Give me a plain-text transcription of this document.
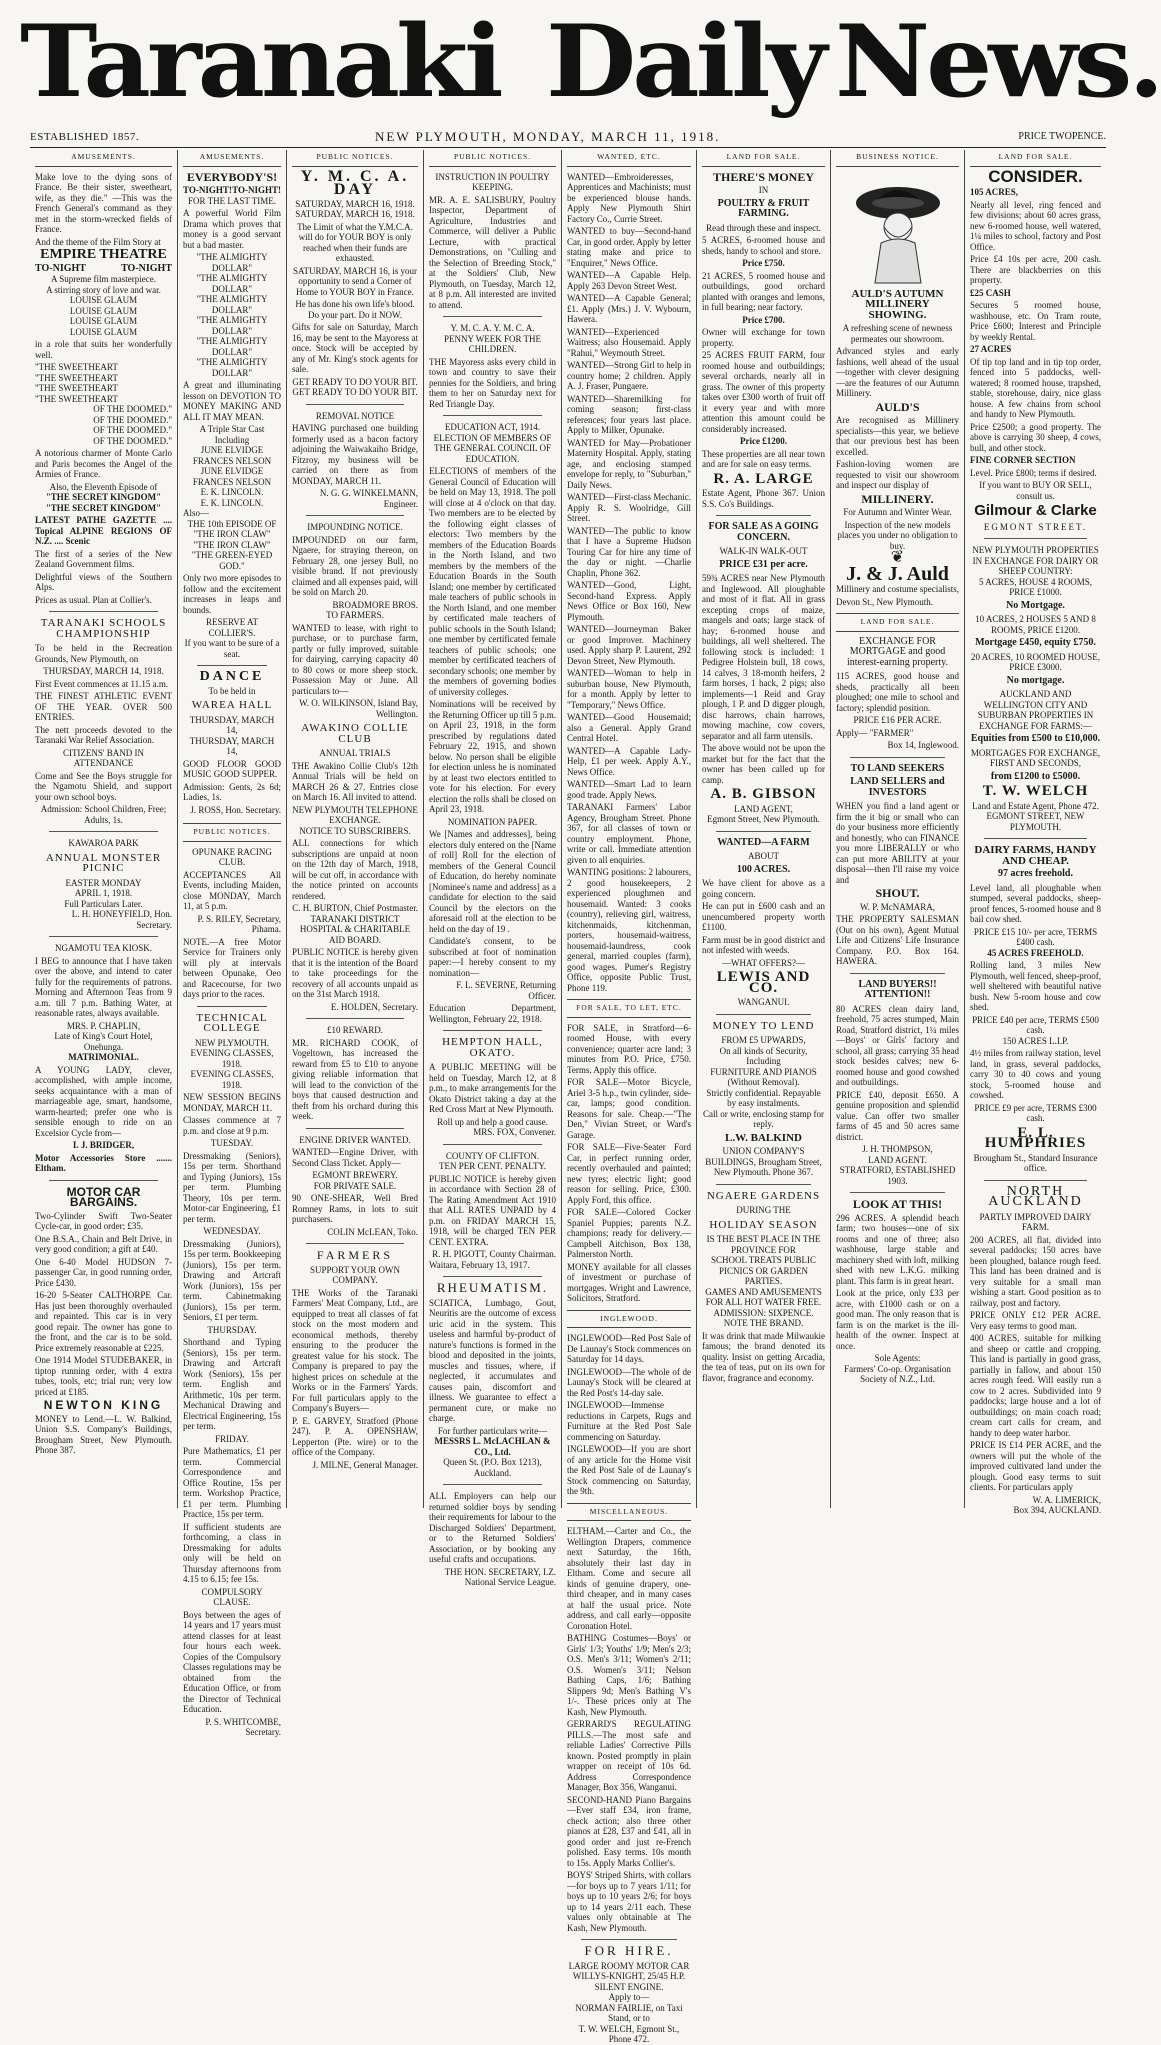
Taranaki Daily News.
ESTABLISHED 1857.	NEW PLYMOUTH, MONDAY, MARCH 11, 1918.	PRICE TWOPENCE.
AMUSEMENTS.
Make love to the dying sons of France. Be their sister, sweetheart, wife, as they die." —This was the French General's command as they met in the storm-wrecked fields of France.
And the theme of the Film Story at
EMPIRE THEATRE
TO-NIGHT	TO-NIGHT
A Supreme film masterpiece.
A stirring story of love and war.
LOUISE GLAUM
LOUISE GLAUM
LOUISE GLAUM
LOUISE GLAUM
in a role that suits her wonderfully well.
"THE SWEETHEART
"THE SWEETHEART
"THE SWEETHEART
"THE SWEETHEART
OF THE DOOMED."
OF THE DOOMED."
OF THE DOOMED."
OF THE DOOMED."
A notorious charmer of Monte Carlo and Paris becomes the Angel of the Armies of France.
Also, the Eleventh Episode of
"THE SECRET KINGDOM"
"THE SECRET KINGDOM"
LATEST PATHE GAZETTE .... Topical ALPINE REGIONS OF N.Z. .... Scenic
The first of a series of the New Zealand Government films.
Delightful views of the Southern Alps.
Prices as usual. Plan at Collier's.
TARANAKI SCHOOLS CHAMPIONSHIP
To be held in the Recreation Grounds, New Plymouth, on
THURSDAY, MARCH 14, 1918.
First Event commences at 11.15 a.m.
THE FINEST ATHLETIC EVENT OF THE YEAR. OVER 500 ENTRIES.
The nett proceeds devoted to the Taranaki War Relief Association.
CITIZENS' BAND IN ATTENDANCE
Come and See the Boys struggle for the Ngamotu Shield, and support your own school boys.
Admission: School Children, Free; Adults, 1s.
KAWAROA PARK
ANNUAL MONSTER PICNIC
EASTER MONDAY
APRIL 1, 1918.
Full Particulars Later.
L. H. HONEYFIELD, Hon. Secretary.
NGAMOTU TEA KIOSK.
I BEG to announce that I have taken over the above, and intend to cater fully for the requirements of patrons. Morning and Afternoon Teas from 9 a.m. till 7 p.m. Bathing Water, at reasonable rates, always available.
MRS. P. CHAPLIN,
Late of King's Court Hotel, Onehunga.
MATRIMONIAL.
A YOUNG LADY, clever, accomplished, with ample income, seeks acquaintance with a man of marriageable age, smart, handsome, warm-hearted; prefer one who is sensible enough to ride on an Excelsior Cycle from—
I. J. BRIDGER,
Motor Accessories Store ....... Eltham.
MOTOR CAR BARGAINS.
Two-Cylinder Swift Two-Seater Cycle-car, in good order; £35.
One B.S.A., Chain and Belt Drive, in very good condition; a gift at £40.
One 6-40 Model HUDSON 7-passenger Car, in good running order, Price £430.
16-20 5-Seater CALTHORPE Car. Has just been thoroughly overhauled and repainted. This car is in very good repair. The owner has gone to the front, and the car is to be sold. Price extremely reasonable at £225.
One 1914 Model STUDEBAKER, in tiptop running order, with 4 extra tubes, tools, etc; trial run; very low priced at £185.
NEWTON KING
MONEY to Lend.—L. W. Balkind, Union S.S. Company's Buildings, Brougham Street, New Plymouth. Phone 387.
AMUSEMENTS.
EVERYBODY'S!
TO-NIGHT! TO-NIGHT!
FOR THE LAST TIME.
A powerful World Film Drama which proves that money is a good servant but a bad master.
"THE ALMIGHTY DOLLAR"
"THE ALMIGHTY DOLLAR"
"THE ALMIGHTY DOLLAR"
"THE ALMIGHTY DOLLAR"
"THE ALMIGHTY DOLLAR"
"THE ALMIGHTY DOLLAR"
A great and illuminating lesson on DEVOTION TO MONEY MAKING AND ALL IT MAY MEAN.
A Triple Star Cast Including
JUNE ELVIDGE FRANCES NELSON
JUNE ELVIDGE FRANCES NELSON
E. K. LINCOLN.
E. K. LINCOLN.
Also—
THE 10th EPISODE OF
"THE IRON CLAW"
"THE IRON CLAW"
"THE GREEN-EYED GOD."
Only two more episodes to follow and the excitement increases in leaps and bounds.
RESERVE AT COLLIER'S.
If you want to be sure of a seat.
DANCE
To be held in
WAREA HALL
THURSDAY, MARCH 14,
THURSDAY, MARCH 14,
GOOD FLOOR GOOD MUSIC GOOD SUPPER.
Admission: Gents, 2s 6d; Ladies, 1s.
J. ROSS, Hon. Secretary.
PUBLIC NOTICES.
OPUNAKE RACING CLUB.
ACCEPTANCES All Events, including Maiden, close MONDAY, March 11, at 5 p.m.
P. S. RILEY, Secretary, Pihama.
NOTE.—A free Motor Service for Trainers only will ply at intervals between Opunake, Oeo and Racecourse, for two days prior to the races.
TECHNICAL COLLEGE
NEW PLYMOUTH.
EVENING CLASSES, 1918.
EVENING CLASSES, 1918.
NEW SESSION BEGINS MONDAY, MARCH 11.
Classes commence at 7 p.m. and close at 9 p.m.
TUESDAY.
Dressmaking (Seniors), 15s per term. Shorthand and Typing (Juniors), 15s per term. Plumbing Theory, 10s per term. Motor-car Engineering, £1 per term.
WEDNESDAY.
Dressmaking (Juniors), 15s per term. Bookkeeping (Juniors), 15s per term. Drawing and Artcraft Work (Juniors), 15s per term. Cabinetmaking (Juniors), 15s per term. Seniors, £1 per term.
THURSDAY.
Shorthand and Typing (Seniors), 15s per term. Drawing and Artcraft Work (Seniors), 15s per term. English and Arithmetic, 10s per term. Mechanical Drawing and Electrical Engineering, 15s per term.
FRIDAY.
Pure Mathematics, £1 per term. Commercial Correspondence and Office Routine, 15s per term. Workshop Practice, £1 per term. Plumbing Practice, 15s per term.
If sufficient students are forthcoming, a class in Dressmaking for adults only will be held on Thursday afternoons from 4.15 to 6.15; fee 15s.
COMPULSORY CLAUSE.
Boys between the ages of 14 years and 17 years must attend classes for at least four hours each week. Copies of the Compulsory Classes regulations may be obtained from the Education Office, or from the Director of Technical Education.
P. S. WHITCOMBE, Secretary.
PUBLIC NOTICES.
Y. M. C. A.
DAY
SATURDAY, MARCH 16, 1918.
SATURDAY, MARCH 16, 1918.
The Limit of what the Y.M.C.A. will do for YOUR BOY is only reached when their funds are exhausted.
SATURDAY, MARCH 16, is your opportunity to send a Corner of Home to YOUR BOY in France.
He has done his own life's blood. Do your part. Do it NOW.
Gifts for sale on Saturday, March 16, may be sent to the Mayoress at once. Stock will be accepted by any of Mr. King's stock agents for sale.
GET READY TO DO YOUR BIT.
GET READY TO DO YOUR BIT.
REMOVAL NOTICE
HAVING purchased one building formerly used as a bacon factory adjoining the Waiwakaiho Bridge, Fitzroy, my business will be carried on there as from MONDAY, MARCH 11.
N. G. G. WINKELMANN, Engineer.
IMPOUNDING NOTICE.
IMPOUNDED on our farm, Ngaere, for straying thereon, on February 28, one jersey Bull, no visible brand. If not previously claimed and all expenses paid, will be sold on March 20.
BROADMORE BROS.
TO FARMERS.
WANTED to lease, with right to purchase, or to purchase farm, partly or fully improved, suitable for dairying, carrying capacity 40 to 80 cows or more sheep stock. Possession May or June. All particulars to—
W. O. WILKINSON, Island Bay, Wellington.
AWAKINO COLLIE CLUB
ANNUAL TRIALS
THE Awakino Collie Club's 12th Annual Trials will be held on MARCH 26 & 27. Entries close on March 16. All invited to attend.
NEW PLYMOUTH TELEPHONE EXCHANGE.
NOTICE TO SUBSCRIBERS.
ALL connections for which subscriptions are unpaid at noon on the 12th day of March, 1918, will be cut off, in accordance with the notice printed on accounts rendered.
C. H. BURTON, Chief Postmaster.
TARANAKI DISTRICT HOSPITAL & CHARITABLE AID BOARD.
PUBLIC NOTICE is hereby given that it is the intention of the Board to take proceedings for the recovery of all accounts unpaid as on the 31st March 1918.
E. HOLDEN, Secretary.
£10 REWARD.
MR. RICHARD COOK, of Vogeltown, has increased the reward from £5 to £10 to anyone giving reliable information that will lead to the conviction of the boys that caused destruction and theft from his orchard during this week.
ENGINE DRIVER WANTED.
WANTED—Engine Driver, with Second Class Ticket. Apply—
EGMONT BREWERY.
FOR PRIVATE SALE.
90 ONE-SHEAR, Well Bred Romney Rams, in lots to suit purchasers.
COLIN McLEAN, Toko.
FARMERS
SUPPORT YOUR OWN COMPANY.
THE Works of the Taranaki Farmers' Meat Company, Ltd., are equipped to treat all classes of fat stock on the most modern and economical methods, thereby ensuring to the producer the greatest value for his stock. The Company is prepared to pay the highest prices on schedule at the Works or in the Farmers' Yards. For full particulars apply to the Company's Buyers—
P. E. GARVEY, Stratford (Phone 247). P. A. OPENSHAW, Lepperton (Pte. wire) or to the office of the Company.
J. MILNE, General Manager.
PUBLIC NOTICES.
INSTRUCTION IN POULTRY KEEPING.
MR. A. E. SALISBURY, Poultry Inspector, Department of Agriculture, Industries and Commerce, will deliver a Public Lecture, with practical Demonstrations, on "Culling and the Selection of Breeding Stock," at the Soldiers' Club, New Plymouth, on Tuesday, March 12, at 8 p.m. All interested are invited to attend.
Y. M. C. A. Y. M. C. A.
PENNY WEEK FOR THE CHILDREN.
THE Mayoress asks every child in town and country to save their pennies for the Soldiers, and bring them to her on Saturday next for Red Triangle Day.
EDUCATION ACT, 1914.
ELECTION OF MEMBERS OF THE GENERAL COUNCIL OF EDUCATION.
ELECTIONS of members of the General Council of Education will be held on May 13, 1918. The poll will close at 4 o'clock on that day. Two members are to be elected by the following eight classes of electors: Two members by the members of the Education Boards in the North Island, and two members by the members of the Education Boards in the South Island; one member by certificated male teachers of public schools in the North Island, and one member by certificated male teachers of public schools in the South Island; one member by certificated female teachers of public schools; one member by certificated teachers of secondary schools; one member by the members of governing bodies of university colleges.
Nominations will be received by the Returning Officer up till 5 p.m. on April 23, 1918, in the form prescribed by regulations dated February 22, 1915, and shown below. No person shall be eligible for election unless he is nominated by at least two electors entitled to vote for his election. For every election the rolls shall be closed on April 23, 1918.
NOMINATION PAPER.
We [Names and addresses], being electors duly entered on the [Name of roll] Roll for the election of members of the General Council of Education, do hereby nominate [Nominee's name and address] as a candidate for election to the said Council by the electors on the aforesaid roll at the election to be held on the day of 19 .
Candidate's consent, to be subscribed at foot of nomination paper:—I hereby consent to my nomination—
F. L. SEVERNE, Returning Officer.
Education Department, Wellington, February 22, 1918.
HEMPTON HALL, OKATO.
A PUBLIC MEETING will be held on Tuesday, March 12, at 8 p.m., to make arrangements for the Okato District taking a day at the Red Cross Mart at New Plymouth.
Roll up and help a good cause.
MRS. FOX, Convener.
COUNTY OF CLIFTON.
TEN PER CENT. PENALTY.
PUBLIC NOTICE is hereby given in accordance with Section 28 of The Rating Amendment Act 1910 that ALL RATES UNPAID by 4 p.m. on FRIDAY MARCH 15, 1918, will be charged TEN PER CENT. EXTRA.
R. H. PIGOTT, County Chairman.
Waitara, February 13, 1917.
RHEUMATISM.
SCIATICA, Lumbago, Gout, Neuritis are the outcome of excess uric acid in the system. This useless and harmful by-product of nature's functions is formed in the blood and deposited in the joints, muscles and tissues, where, if neglected, it accumulates and causes pain, discomfort and illness. We guarantee to effect a permanent cure, or make no charge.
For further particulars write—
MESSRS L. McLACHLAN & CO., Ltd.
Queen St. (P.O. Box 1213), Auckland.
ALL Employers can help our returned soldier boys by sending their requirements for labour to the Discharged Soldiers' Department, or to the Returned Soldiers' Association, or by booking any useful crafts and occupations.
THE HON. SECRETARY, I.Z. National Service League.
WANTED, ETC.
WANTED—Embroideresses, Apprentices and Machinists; must be experienced blouse hands. Apply New Plymouth Shirt Factory Co., Currie Street.
WANTED to buy—Second-hand Car, in good order. Apply by letter stating make and price to "Enquirer," News Office.
WANTED—A Capable Help. Apply 263 Devon Street West.
WANTED—A Capable General; £1. Apply (Mrs.) J. V. Wybourn, Hawera.
WANTED—Experienced Waitress; also Housemaid. Apply "Rahui," Weymouth Street.
WANTED—Strong Girl to help in country home; 2 children. Apply A. J. Fraser, Pungaere.
WANTED—Sharemilking for coming season; first-class references; four years last place. Apply to Milker, Opunake.
WANTED for May—Probationer Maternity Hospital. Apply, stating age, and enclosing stamped envelope for reply, to "Suburban," Daily News.
WANTED—First-class Mechanic. Apply R. S. Woolridge, Gill Street.
WANTED—The public to know that I have a Supreme Hudson Touring Car for hire any time of the day or night. —Charlie Chaplin, Phone 362.
WANTED—Good, Light, Second-hand Express. Apply News Office or Box 160, New Plymouth.
WANTED—Journeyman Baker or good Improver. Machinery used. Apply sharp P. Laurent, 292 Devon Street, New Plymouth.
WANTED—Woman to help in suburban house, New Plymouth, for a month. Apply by letter to "Temporary," News Office.
WANTED—Good Housemaid; also a General. Apply Grand Central Hotel.
WANTED—A Capable Lady-Help, £1 per week. Apply A.Y., News Office.
WANTED—Smart Lad to learn good trade. Apply News.
TARANAKI Farmers' Labor Agency, Brougham Street. Phone 367, for all classes of town or country employment. Phone, write or call. Immediate attention given to all enquiries.
WANTING positions: 2 labourers, 2 good housekeepers, 2 experienced ploughmen and housemaid. Wanted: 3 cooks (country), relieving girl, waitress, kitchenmaids, kitchenman, porters, housemaid-waitress, housemaid-laundress, cook general, married couples (farm), good wages. Pumer's Registry Office, opposite Public Trust, Phone 119.
FOR SALE, TO LET, ETC.
FOR SALE, in Stratford—6-roomed House, with every convenience; quarter acre land; 3 minutes from P.O. Price, £750. Terms. Apply this office.
FOR SALE—Motor Bicycle, Ariel 3-5 h.p., twin cylinder, side-car, lamps; good condition. Reasons for sale. Cheap.—"The Den," Vivian Street, or Ward's Garage.
FOR SALE—Five-Seater Ford Car, in perfect running order, recently overhauled and painted; new tyres; electric light; good reason for selling. Price, £300. Apply Ford, this office.
FOR SALE—Colored Cocker Spaniel Puppies; parents N.Z. champions; ready for delivery.—Campbell Aitchison, Box 138, Palmerston North.
MONEY available for all classes of investment or purchase of mortgages. Wright and Lawrence, Solicitors, Stratford.
INGLEWOOD.
INGLEWOOD—Red Post Sale of De Launay's Stock commences on Saturday for 14 days.
INGLEWOOD—The whole of de Launay's Stock will be cleared at the Red Post's 14-day sale.
INGLEWOOD—Immense reductions in Carpets, Rugs and Furniture at the Red Post Sale commencing on Saturday.
INGLEWOOD—If you are short of any article for the Home visit the Red Post Sale of de Launay's Stock commencing on Saturday, the 9th.
MISCELLANEOUS.
ELTHAM.—Carter and Co., the Wellington Drapers, commence next Saturday, the 16th, absolutely their last day in Eltham. Come and secure all kinds of genuine drapery, one-third cheaper, and in many cases at half the usual price. Note address, and call early—opposite Coronation Hotel.
BATHING Costumes—Boys' or Girls' 1/3; Youths' 1/9; Men's 2/3; O.S. Men's 3/11; Women's 2/11; O.S. Women's 3/11; Nelson Bathing Caps, 1/6; Bathing Slippers 9d; Men's Bathing V's 1/-. These prices only at The Kash, New Plymouth.
GERRARD'S REGULATING PILLS.—The most safe and reliable Ladies' Corrective Pills known. Posted promptly in plain wrapper on receipt of 10s 6d. Address Correspondence Manager, Box 356, Wanganui.
SECOND-HAND Piano Bargains—Ever staff £34, iron frame, check action; also three other pianos at £28, £37 and £41, all in good order and just re-French polished. Easy terms. 10s month to 15s. Apply Marks Collier's.
BOYS' Striped Shirts, with collars—for boys up to 7 years 1/11; for boys up to 10 years 2/6; for boys up to 14 years 2/11 each. These values only obtainable at The Kash, New Plymouth.
FOR HIRE.
LARGE ROOMY MOTOR CAR
WILLYS-KNIGHT, 25/45 H.P. SILENT ENGINE.
Apply to—
NORMAN FAIRLIE, on Taxi Stand, or to
T. W. WELCH, Egmont St., Phone 472.
LAND FOR SALE.
THERE'S MONEY
IN
POULTRY & FRUIT FARMING.
Read through these and inspect.
5 ACRES, 6-roomed house and sheds, handy to school and store.
Price £750.
21 ACRES, 5 roomed house and outbuildings, good orchard planted with oranges and lemons, in full bearing; near factory.
Price £700.
Owner will exchange for town property.
25 ACRES FRUIT FARM, four roomed house and outbuildings; several orchards, nearly all in grass. The owner of this property takes over £300 worth of fruit off it every year and with more attention this amount could be considerably increased.
Price £1200.
These properties are all near town and are for sale on easy terms.
R. A. LARGE
Estate Agent, Phone 367. Union S.S. Co's Buildings.
FOR SALE AS A GOING CONCERN.
WALK-IN WALK-OUT
PRICE £31 per acre.
59¾ ACRES near New Plymouth and Inglewood. All ploughable and most of it flat. All in grass excepting crops of maize, mangels and oats; large stack of hay; 6-roomed house and buildings, all well sheltered. The following stock is included: 1 Pedigree Holstein bull, 18 cows, 14 calves, 3 18-month heifers, 2 farm horses, 1 hack, 2 pigs; also implements—1 Reid and Gray plough, 1 P. and D digger plough, disc harrows, chain harrows, mowing machine, cow covers, separator and all farm utensils.
The above would not be upon the market but for the fact that the owner has been called up for camp.
A. B. GIBSON
LAND AGENT,
Egmont Street, New Plymouth.
WANTED—A FARM
ABOUT
100 ACRES.
We have client for above as a going concern.
He can put in £600 cash and an unencumbered property worth £1100.
Farm must be in good district and not infested with weeds.
—WHAT OFFERS?—
LEWIS AND CO.
WANGANUI.
MONEY TO LEND
FROM £5 UPWARDS,
On all kinds of Security, Including
FURNITURE AND PIANOS (Without Removal).
Strictly confidential. Repayable by easy instalments.
Call or write, enclosing stamp for reply.
L.W. BALKIND
UNION COMPANY'S BUILDINGS, Brougham Street, New Plymouth. Phone 367.
NGAERE GARDENS
DURING THE
HOLIDAY SEASON
IS THE BEST PLACE IN THE PROVINCE FOR
SCHOOL TREATS PUBLIC PICNICS OR GARDEN PARTIES.
GAMES AND AMUSEMENTS FOR ALL HOT WATER FREE. ADMISSION: SIXPENCE.
NOTE THE BRAND.
It was drink that made Milwaukie famous; the brand denoted its quality. Insist on getting Arcadia, the tea of teas, put on its own for flavor, fragrance and economy.
BUSINESS NOTICE.
AULD'S AUTUMN MILLINERY SHOWING.
A refreshing scene of newness permeates our showroom.
Advanced styles and early fashions, well ahead of the usual—together with clever designing—are the features of our Autumn Millinery.
AULD'S
Are recognised as Millinery specialists—this year, we believe that our previous best has been excelled.
Fashion-loving women are requested to visit our showroom and inspect our display of
MILLINERY.
For Autumn and Winter Wear.
Inspection of the new models places you under no obligation to buy.
❦
J. & J. Auld
Millinery and costume specialists,
Devon St., New Plymouth.
LAND FOR SALE.
EXCHANGE FOR MORTGAGE and good interest-earning property.
115 ACRES, good house and sheds, practically all been ploughed; one mile to school and factory; splendid position.
PRICE £16 PER ACRE.
Apply— "FARMER"
Box 14, Inglewood.
TO LAND SEEKERS
LAND SELLERS and INVESTORS
WHEN you find a land agent or firm the it big or small who can do your business more efficiently and honestly, who can FINANCE you more LIBERALLY or who can put more ABILITY at your disposal—then I'll raise my voice and
SHOUT.
W. P. McNAMARA,
THE PROPERTY SALESMAN (Out on his own), Agent Mutual Life and Citizens' Life Insurance Company. P.O. Box 164. HAWERA.
LAND BUYERS!! ATTENTION!!
80 ACRES clean dairy land, freehold, 75 acres stumped, Main Road, Stratford district, 1¼ miles—Boys' or Girls' factory and school, all grass; carrying 35 head stock besides calves; new 6-roomed house and good cowshed and outbuildings.
PRICE £40, deposit £650. A genuine proposition and splendid value. Can offer two smaller farms of 45 and 50 acres same district.
J. H. THOMPSON,
LAND AGENT.
STRATFORD, ESTABLISHED 1903.
LOOK AT THIS!
296 ACRES. A splendid beach farm; two houses—one of six rooms and one of three; also washhouse, large stable and machinery shed with loft, milking shed with new L.K.G. milking plant. This farm is in great heart.
Look at the price, only £33 per acre, with £1000 cash or on a good man. The only reason that is farm is on the market is the ill-health of the owner. Inspect at once.
Sole Agents:
Farmers' Co-op. Organisation Society of N.Z., Ltd.
LAND FOR SALE.
CONSIDER.
105 ACRES,
Nearly all level, ring fenced and few divisions; about 60 acres grass, new 6-roomed house, well watered, 1¼ miles to school, factory and Post Office.
Price £4 10s per acre, 200 cash. There are blackberries on this property.
£25 CASH
Secures 5 roomed house, washhouse, etc. On Tram route, Price £600; Interest and Principle by weekly Rental.
27 ACRES
Of tip top land and in tip top order, fenced into 5 paddocks, well-watered; 8 roomed house, trapshed, stable, storehouse, dairy, nice glass house. A few chains from school and handy to New Plymouth.
Price £2500; a good property. The above is carrying 30 sheep, 4 cows, bull, and other stock.
FINE CORNER SECTION
Level. Price £800; terms if desired.
If you want to BUY OR SELL, consult us.
Gilmour & Clarke
EGMONT STREET.
NEW PLYMOUTH PROPERTIES IN EXCHANGE FOR DAIRY OR SHEEP COUNTRY:
5 ACRES, HOUSE 4 ROOMS, PRICE £1000.
No Mortgage.
10 ACRES, 2 HOUSES 5 AND 8 ROOMS, PRICE £1200.
Mortgage £450, equity £750.
20 ACRES, 10 ROOMED HOUSE, PRICE £3000.
No mortgage.
AUCKLAND AND WELLINGTON CITY AND SUBURBAN PROPERTIES IN EXCHANGE FOR FARMS:—
Equities from £500 to £10,000.
MORTGAGES FOR EXCHANGE, FIRST AND SECONDS,
from £1200 to £5000.
T. W. WELCH
Land and Estate Agent, Phone 472. EGMONT STREET, NEW PLYMOUTH.
DAIRY FARMS, HANDY AND CHEAP.
97 acres freehold.
Level land, all ploughable when stumped, several paddocks, sheep-proof fences, 5-roomed house and 8 bail cow shed.
PRICE £15 10/- per acre, TERMS £400 cash.
45 ACRES FREEHOLD.
Rolling land, 3 miles New Plymouth, well fenced, sheep-proof, well sheltered with beautiful native bush. New 5-room house and cow shed.
PRICE £40 per acre, TERMS £500 cash.
150 ACRES L.I.P.
4½ miles from railway station, level land, in grass, several paddocks, carry 30 to 40 cows and young stock, 5-roomed house and cowshed.
PRICE £9 per acre, TERMS £300 cash.
E. L. HUMPHRIES
Brougham St., Standard Insurance office.
NORTH AUCKLAND
PARTLY IMPROVED DAIRY FARM.
200 ACRES, all flat, divided into several paddocks; 150 acres have been ploughed, balance rough feed. This land has been drained and is very suitable for a small man wishing a start. Good position as to railway, post and factory.
PRICE ONLY £12 PER ACRE. Very easy terms to good man.
400 ACRES, suitable for milking and sheep or cattle and cropping. This land is partially in good grass, partially in fallow, and about 150 acres rough feed. Will easily run a cow to 2 acres. Subdivided into 9 paddocks; large house and a lot of outbuildings; on main coach road; cream cart calls for cream, and handy to deep water harbor.
PRICE IS £14 PER ACRE, and the owners will put the whole of the improved cultivated land under the plough. Good easy terms to suit clients. For particulars apply
W. A. LIMERICK,
Box 394, AUCKLAND.
